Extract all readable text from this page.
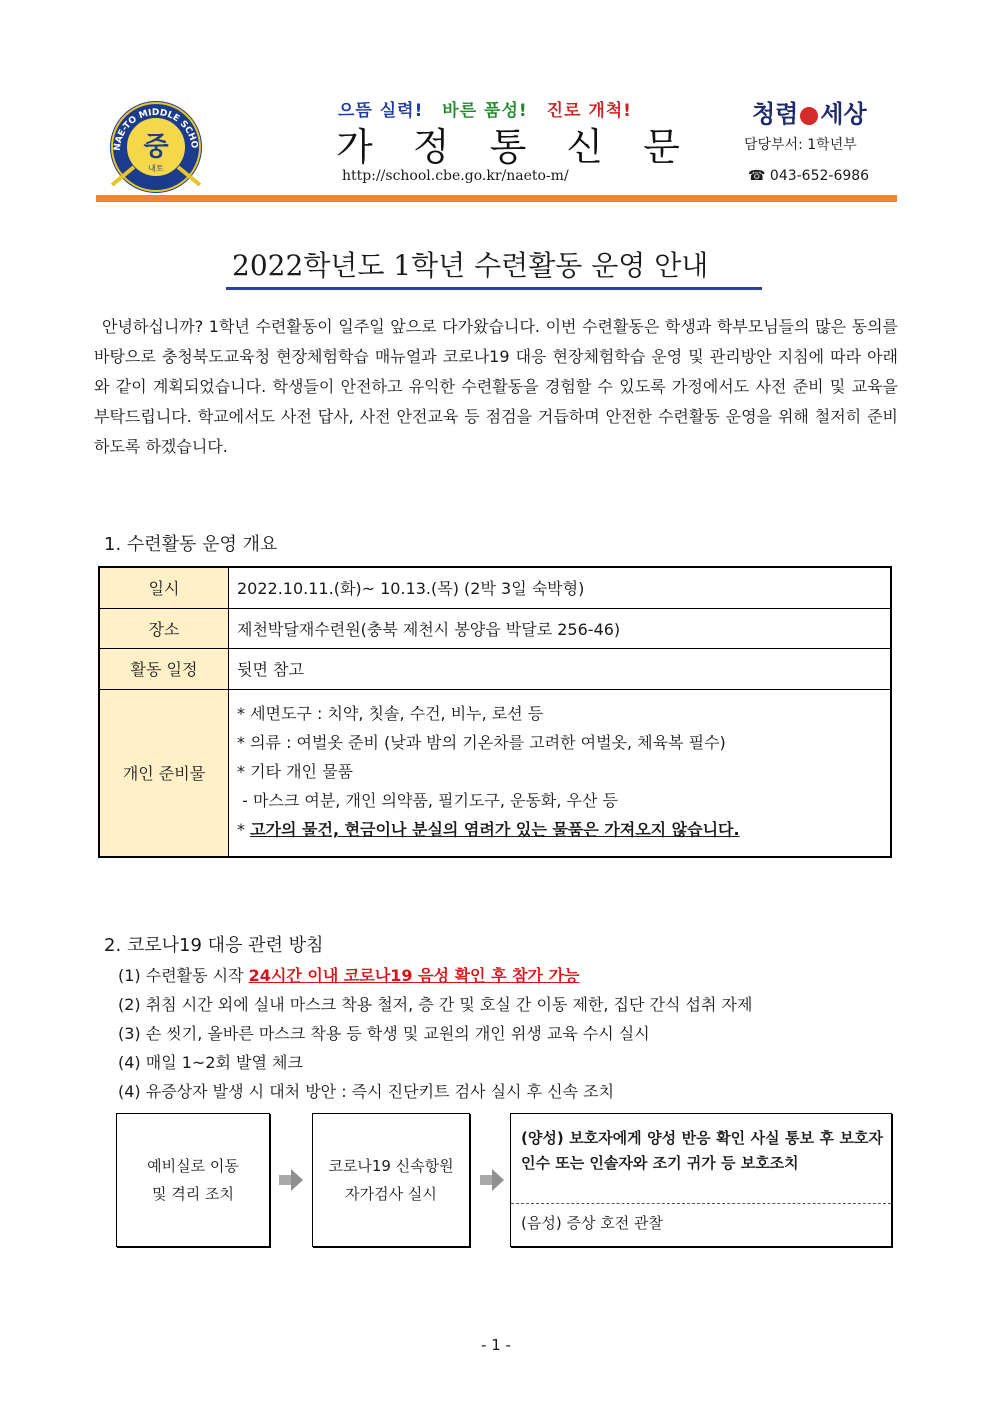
NAE-TO MIDDLE SCHO
중
내토
으뜸 실력! 바른 품성! 진로 개척!
가 정 통 신 문
http://school.cbe.go.kr/naeto-m/
청렴 세상
담당부서: 1학년부
☎ 043-652-6986
2022학년도 1학년 수련활동 운영 안내
안녕하십니까? 1학년 수련활동이 일주일 앞으로 다가왔습니다. 이번 수련활동은 학생과 학부모님들의 많은 동의를 바탕으로 충청북도교육청 현장체험학습 매뉴얼과 코로나19 대응 현장체험학습 운영 및 관리방안 지침에 따라 아래와 같이 계획되었습니다. 학생들이 안전하고 유익한 수련활동을 경험할 수 있도록 가정에서도 사전 준비 및 교육을 부탁드립니다. 학교에서도 사전 답사, 사전 안전교육 등 점검을 거듭하며 안전한 수련활동 운영을 위해 철저히 준비하도록 하겠습니다.
1. 수련활동 운영 개요
일시	2022.10.11.(화)~ 10.13.(목) (2박 3일 숙박형)
장소	제천박달재수련원(충북 제천시 봉양읍 박달로 256-46)
활동 일정	뒷면 참고
개인 준비물	* 세면도구 : 치약, 칫솔, 수건, 비누, 로션 등
* 의류 : 여벌옷 준비 (낮과 밤의 기온차를 고려한 여벌옷, 체육복 필수)
* 기타 개인 물품
- 마스크 여분, 개인 의약품, 필기도구, 운동화, 우산 등
* 고가의 물건, 현금이나 분실의 염려가 있는 물품은 가져오지 않습니다.
2. 코로나19 대응 관련 방침
(1) 수련활동 시작 24시간 이내 코로나19 음성 확인 후 참가 가능
(2) 취침 시간 외에 실내 마스크 착용 철저, 층 간 및 호실 간 이동 제한, 집단 간식 섭취 자제
(3) 손 씻기, 올바른 마스크 착용 등 학생 및 교원의 개인 위생 교육 수시 실시
(4) 매일 1~2회 발열 체크
(4) 유증상자 발생 시 대처 방안 : 즉시 진단키트 검사 실시 후 신속 조치
예비실로 이동
및 격리 조치
코로나19 신속항원
자가검사 실시
(양성) 보호자에게 양성 반응 확인 사실 통보 후 보호자 인수 또는 인솔자와 조기 귀가 등 보호조치
(음성) 증상 호전 관찰
- 1 -
